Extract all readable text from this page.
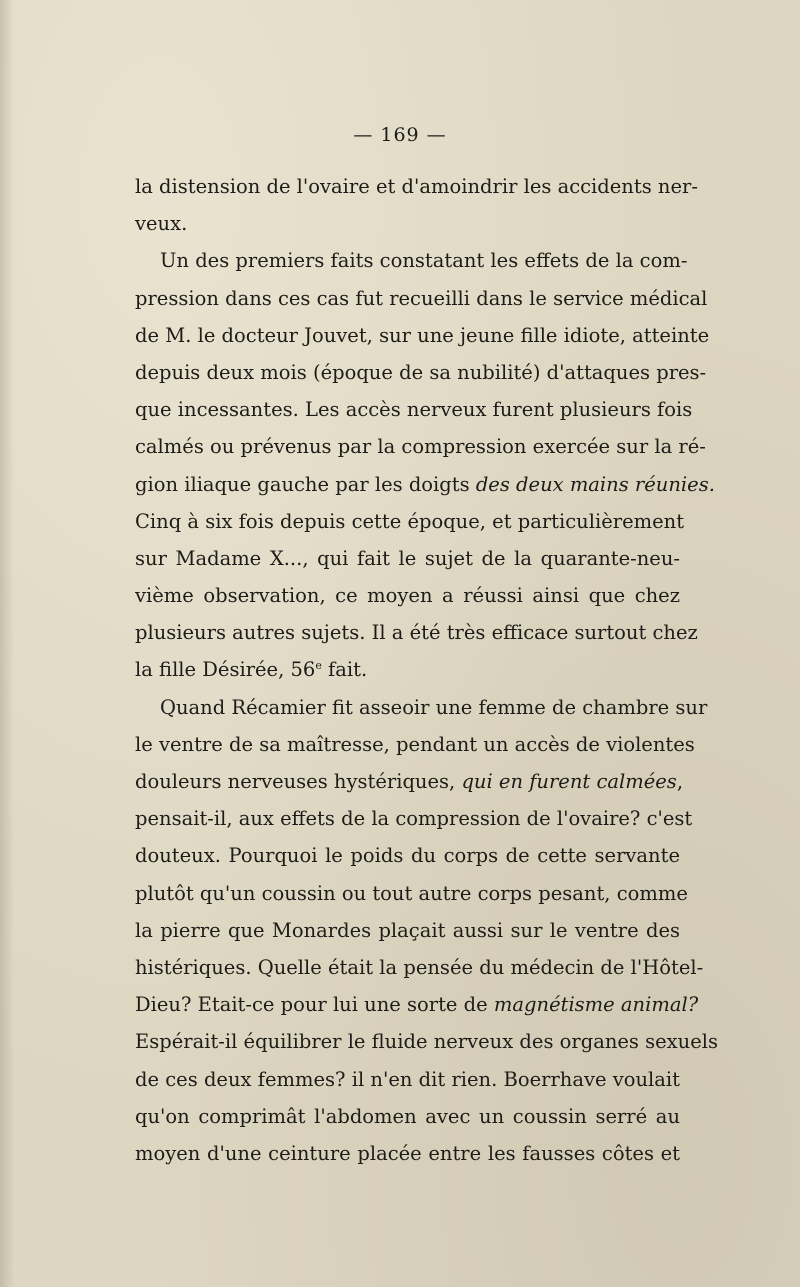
— 169 —
la distension de l'ovaire et d'amoindrir les accidents ner-
veux.
Un des premiers faits constatant les effets de la com-
pression dans ces cas fut recueilli dans le service médical
de M. le docteur Jouvet, sur une jeune fille idiote, atteinte
depuis deux mois (époque de sa nubilité) d'attaques pres-
que incessantes. Les accès nerveux furent plusieurs fois
calmés ou prévenus par la compression exercée sur la ré-
gion iliaque gauche par les doigts des deux mains réunies.
Cinq à six fois depuis cette époque, et particulièrement
sur Madame X..., qui fait le sujet de la quarante-neu-
vième observation, ce moyen a réussi ainsi que chez
plusieurs autres sujets. Il a été très efficace surtout chez
la fille Désirée, 56e fait.
Quand Récamier fit asseoir une femme de chambre sur
le ventre de sa maîtresse, pendant un accès de violentes
douleurs nerveuses hystériques, qui en furent calmées,
pensait-il, aux effets de la compression de l'ovaire? c'est
douteux. Pourquoi le poids du corps de cette servante
plutôt qu'un coussin ou tout autre corps pesant, comme
la pierre que Monardes plaçait aussi sur le ventre des
histériques. Quelle était la pensée du médecin de l'Hôtel-
Dieu? Etait-ce pour lui une sorte de magnétisme animal?
Espérait-il équilibrer le fluide nerveux des organes sexuels
de ces deux femmes? il n'en dit rien. Boerrhave voulait
qu'on comprimât l'abdomen avec un coussin serré au
moyen d'une ceinture placée entre les fausses côtes et
